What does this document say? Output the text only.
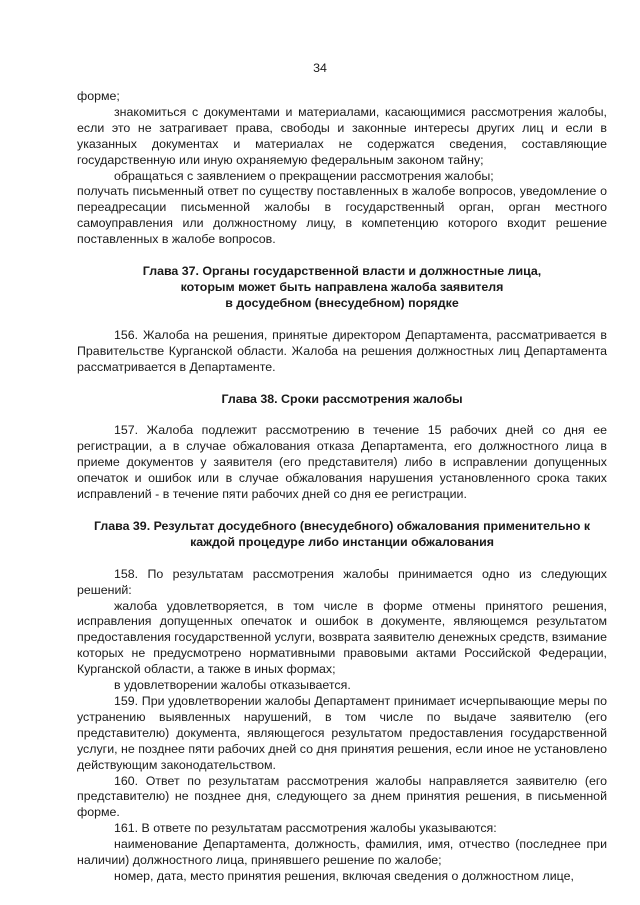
34

форме;

знакомиться с документами и материалами, касающимися рассмотрения жалобы, если это не затрагивает права, свободы и законные интересы других лиц и если в указанных документах и материалах не содержатся сведения, составляющие государственную или иную охраняемую федеральным законом тайну;

обращаться с заявлением о прекращении рассмотрения жалобы;

получать письменный ответ по существу поставленных в жалобе вопросов, уведомление о переадресации письменной жалобы в государственный орган, орган местного самоуправления или должностному лицу, в компетенцию которого входит решение поставленных в жалобе вопросов.

Глава 37. Органы государственной власти и должностные лица,
которым может быть направлена жалоба заявителя
в досудебном (внесудебном) порядке

156. Жалоба на решения, принятые директором Департамента, рассматривается в Правительстве Курганской области. Жалоба на решения должностных лиц Департамента рассматривается в Департаменте.

Глава 38. Сроки рассмотрения жалобы

157. Жалоба подлежит рассмотрению в течение 15 рабочих дней со дня ее регистрации, а в случае обжалования отказа Департамента, его должностного лица в приеме документов у заявителя (его представителя) либо в исправлении допущенных опечаток и ошибок или в случае обжалования нарушения установленного срока таких исправлений - в течение пяти рабочих дней со дня ее регистрации.

Глава 39. Результат досудебного (внесудебного) обжалования применительно к
каждой процедуре либо инстанции обжалования

158. По результатам рассмотрения жалобы принимается одно из следующих решений:

жалоба удовлетворяется, в том числе в форме отмены принятого решения, исправления допущенных опечаток и ошибок в документе, являющемся результатом предоставления государственной услуги, возврата заявителю денежных средств, взимание которых не предусмотрено нормативными правовыми актами Российской Федерации, Курганской области, а также в иных формах;

в удовлетворении жалобы отказывается.

159. При удовлетворении жалобы Департамент принимает исчерпывающие меры по устранению выявленных нарушений, в том числе по выдаче заявителю (его представителю) документа, являющегося результатом предоставления государственной услуги, не позднее пяти рабочих дней со дня принятия решения, если иное не установлено действующим законодательством.

160. Ответ по результатам рассмотрения жалобы направляется заявителю (его представителю) не позднее дня, следующего за днем принятия решения, в письменной форме.

161. В ответе по результатам рассмотрения жалобы указываются:

наименование Департамента, должность, фамилия, имя, отчество (последнее при наличии) должностного лица, принявшего решение по жалобе;

номер, дата, место принятия решения, включая сведения о должностном лице,
